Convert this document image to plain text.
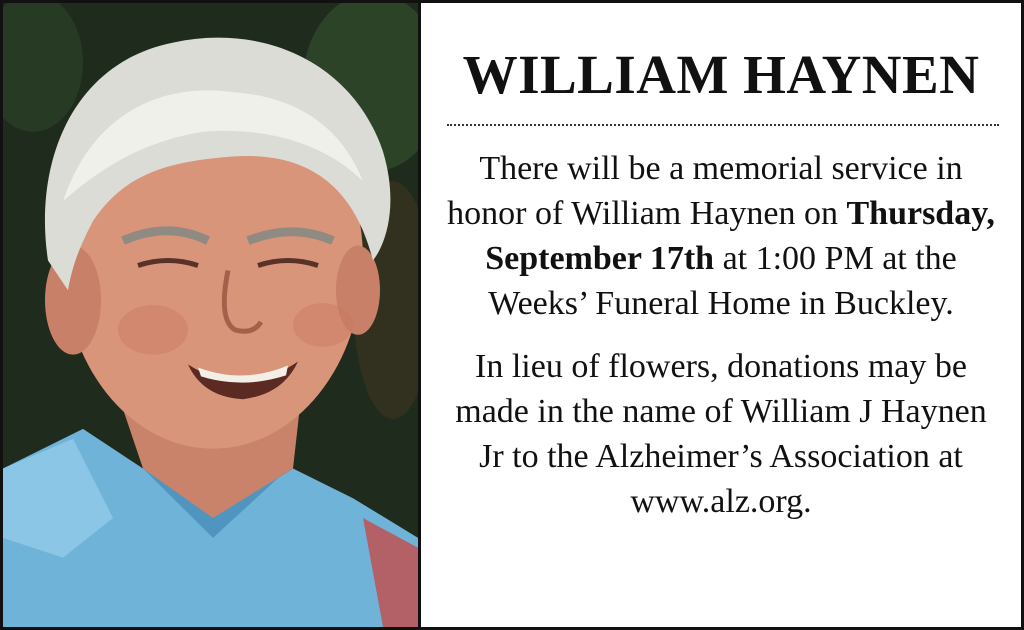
WILLIAM HAYNEN

There will be a memorial service in honor of William Haynen on Thursday, September 17th at 1:00 PM at the Weeks’ Funeral Home in Buckley.

In lieu of flowers, donations may be made in the name of William J Haynen Jr to the Alzheimer’s Association at www.alz.org.
